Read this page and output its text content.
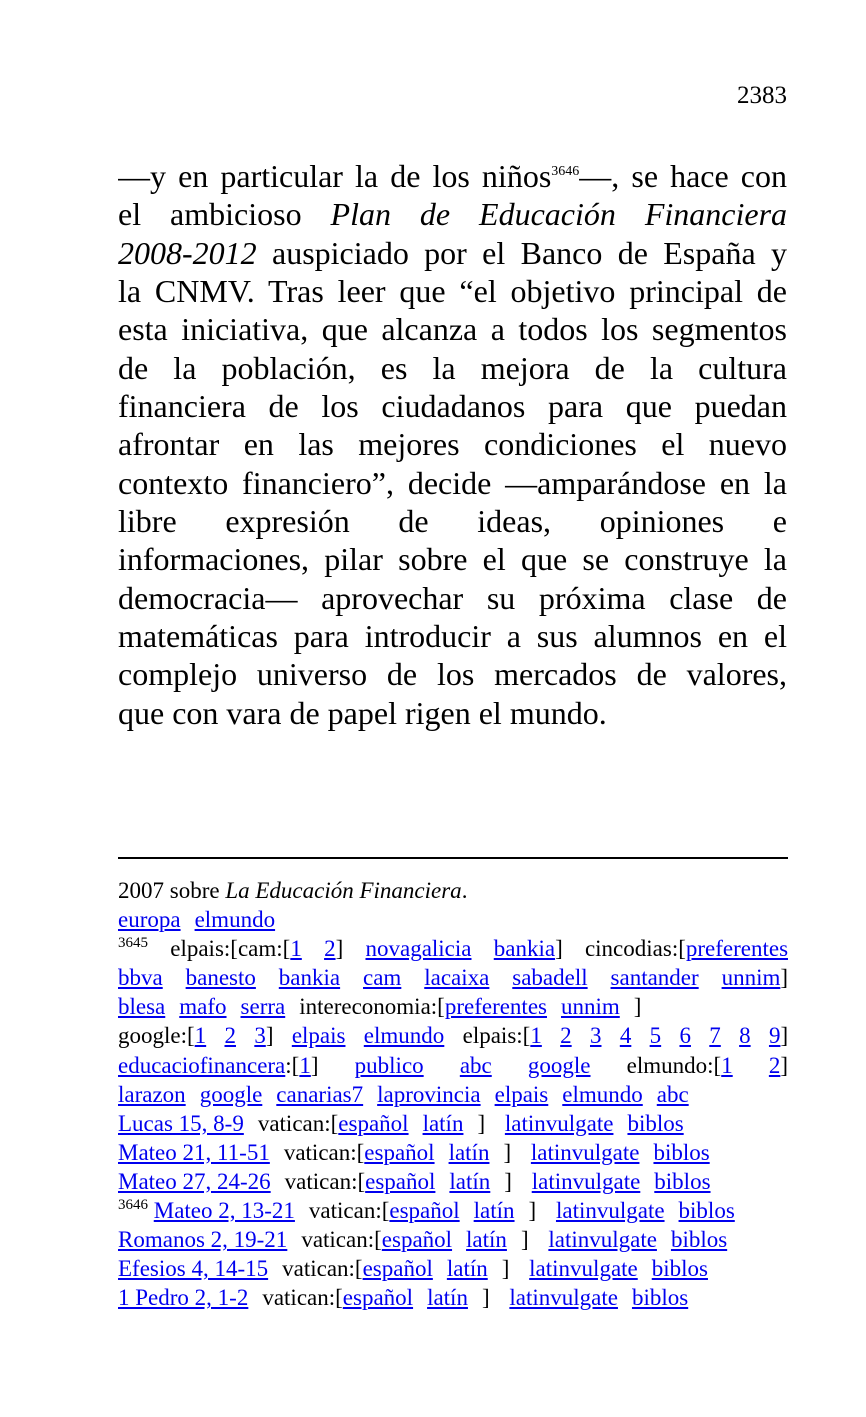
2383
—y en particular la de los niños$^{3646}$—, se hace con
el ambicioso Plan de Educación Financiera
2008-2012 auspiciado por el Banco de España y
la CNMV. Tras leer que “el objetivo principal de
esta iniciativa, que alcanza a todos los segmentos
de la población, es la mejora de la cultura
financiera de los ciudadanos para que puedan
afrontar en las mejores condiciones el nuevo
contexto financiero”, decide —amparándose en la
libre expresión de ideas, opiniones e
informaciones, pilar sobre el que se construye la
democracia— aprovechar su próxima clase de
matemáticas para introducir a sus alumnos en el
complejo universo de los mercados de valores,
que con vara de papel rigen el mundo.
2007 sobre La Educación Financiera.
europa elmundo
$^{3645}$ elpais:[cam:[1 2] novagalicia bankia] cincodias:[preferentes
bbva banesto bankia cam lacaixa sabadell santander unnim]
blesa mafo serra intereconomia:[preferentes unnim ]
google:[1 2 3] elpais elmundo elpais:[1 2 3 4 5 6 7 8 9]
educaciofinancera:[1] publico abc google elmundo:[1 2]
larazon google canarias7 laprovincia elpais elmundo abc
Lucas 15, 8-9 vatican:[español latín ] latinvulgate biblos
Mateo 21, 11-51 vatican:[español latín ] latinvulgate biblos
Mateo 27, 24-26 vatican:[español latín ] latinvulgate biblos
$^{3646}$ Mateo 2, 13-21 vatican:[español latín ] latinvulgate biblos
Romanos 2, 19-21 vatican:[español latín ] latinvulgate biblos
Efesios 4, 14-15 vatican:[español latín ] latinvulgate biblos
1 Pedro 2, 1-2 vatican:[español latín ] latinvulgate biblos
